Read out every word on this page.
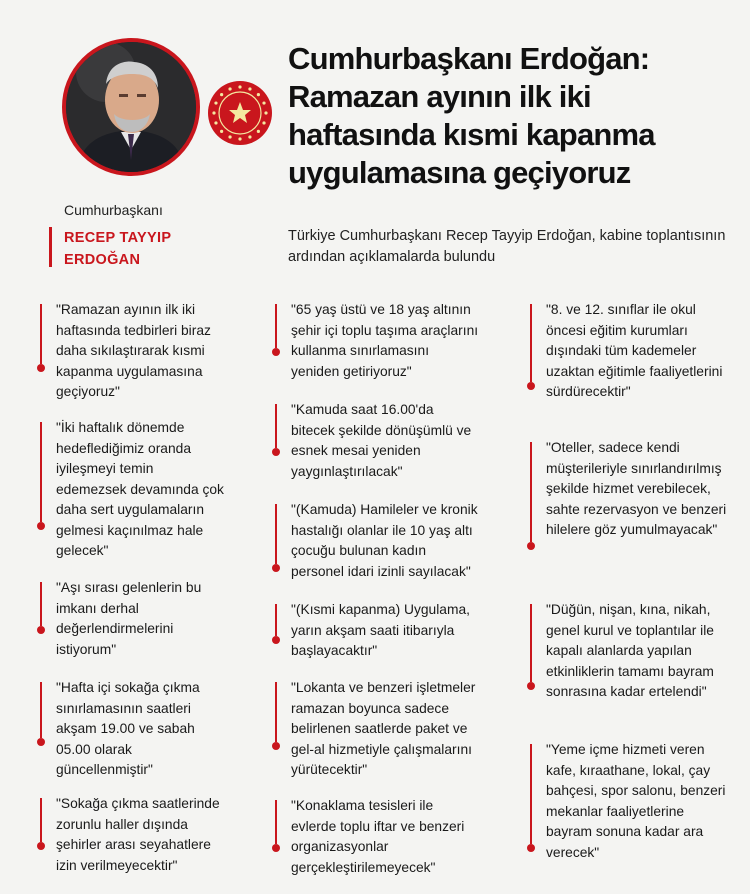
Cumhurbaşkanı Erdoğan: Ramazan ayının ilk iki haftasında kısmi kapanma uygulamasına geçiyoruz

Türkiye Cumhurbaşkanı Recep Tayyip Erdoğan, kabine toplantısının ardından açıklamalarda bulundu

Cumhurbaşkanı
RECEP TAYYIP ERDOĞAN
"Ramazan ayının ilk iki haftasında tedbirleri biraz daha sıkılaştırarak kısmi kapanma uygulamasına geçiyoruz"
"İki haftalık dönemde hedeflediğimiz oranda iyileşmeyi temin edemezsek devamında çok daha sert uygulamaların gelmesi kaçınılmaz hale gelecek"
"Aşı sırası gelenlerin bu imkanı derhal değerlendirmelerini istiyorum"
"Hafta içi sokağa çıkma sınırlamasının saatleri akşam 19.00 ve sabah 05.00 olarak güncellenmiştir"
"Sokağa çıkma saatlerinde zorunlu haller dışında şehirler arası seyahatlere izin verilmeyecektir"
"65 yaş üstü ve 18 yaş altının şehir içi toplu taşıma araçlarını kullanma sınırlamasını yeniden getiriyoruz"
"Kamuda saat 16.00'da bitecek şekilde dönüşümlü ve esnek mesai yeniden yaygınlaştırılacak"
"(Kamuda) Hamileler ve kronik hastalığı olanlar ile 10 yaş altı çocuğu bulunan kadın personel idari izinli sayılacak"
"(Kısmi kapanma) Uygulama, yarın akşam saati itibarıyla başlayacaktır"
"Lokanta ve benzeri işletmeler ramazan boyunca sadece belirlenen saatlerde paket ve gel-al hizmetiyle çalışmalarını yürütecektir"
"Konaklama tesisleri ile evlerde toplu iftar ve benzeri organizasyonlar gerçekleştirilemeyecek"
"8. ve 12. sınıflar ile okul öncesi eğitim kurumları dışındaki tüm kademeler uzaktan eğitimle faaliyetlerini sürdürecektir"
"Oteller, sadece kendi müşterileriyle sınırlandırılmış şekilde hizmet verebilecek, sahte rezervasyon ve benzeri hilelere göz yumulmayacak"
"Düğün, nişan, kına, nikah, genel kurul ve toplantılar ile kapalı alanlarda yapılan etkinliklerin tamamı bayram sonrasına kadar ertelendi"
"Yeme içme hizmeti veren kafe, kıraathane, lokal, çay bahçesi, spor salonu, benzeri mekanlar faaliyetlerine bayram sonuna kadar ara verecek"
